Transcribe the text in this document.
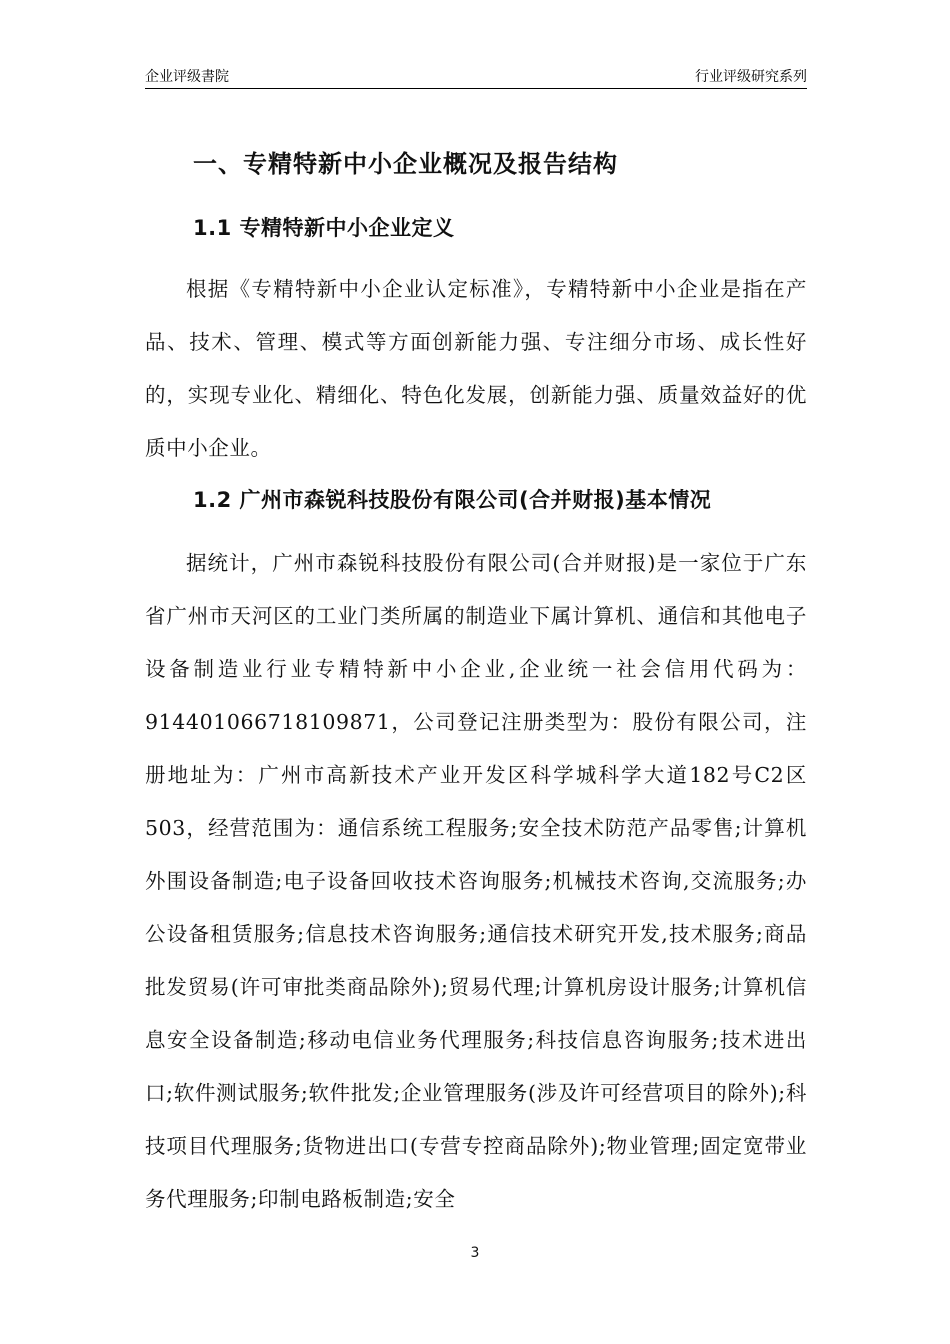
企业评级書院	行业评级研究系列
一、专精特新中小企业概况及报告结构
1.1 专精特新中小企业定义

根据《专精特新中小企业认定标准》，专精特新中小企业是指在产品、技术、管理、模式等方面创新能力强、专注细分市场、成长性好的，实现专业化、精细化、特色化发展，创新能力强、质量效益好的优质中小企业。

1.2 广州市森锐科技股份有限公司(合并财报)基本情况

据统计，广州市森锐科技股份有限公司(合并财报)是一家位于广东省广州市天河区的工业门类所属的制造业下属计算机、通信和其他电子设备制造业行业专精特新中小企业,企业统一社会信用代码为：914401066718109871，公司登记注册类型为：股份有限公司，注册地址为：广州市高新技术产业开发区科学城科学大道182号C2区503，经营范围为：通信系统工程服务;安全技术防范产品零售;计算机外围设备制造;电子设备回收技术咨询服务;机械技术咨询,交流服务;办公设备租赁服务;信息技术咨询服务;通信技术研究开发,技术服务;商品批发贸易(许可审批类商品除外);贸易代理;计算机房设计服务;计算机信息安全设备制造;移动电信业务代理服务;科技信息咨询服务;技术进出口;软件测试服务;软件批发;企业管理服务(涉及许可经营项目的除外);科技项目代理服务;货物进出口(专营专控商品除外);物业管理;固定宽带业务代理服务;印制电路板制造;安全

3
